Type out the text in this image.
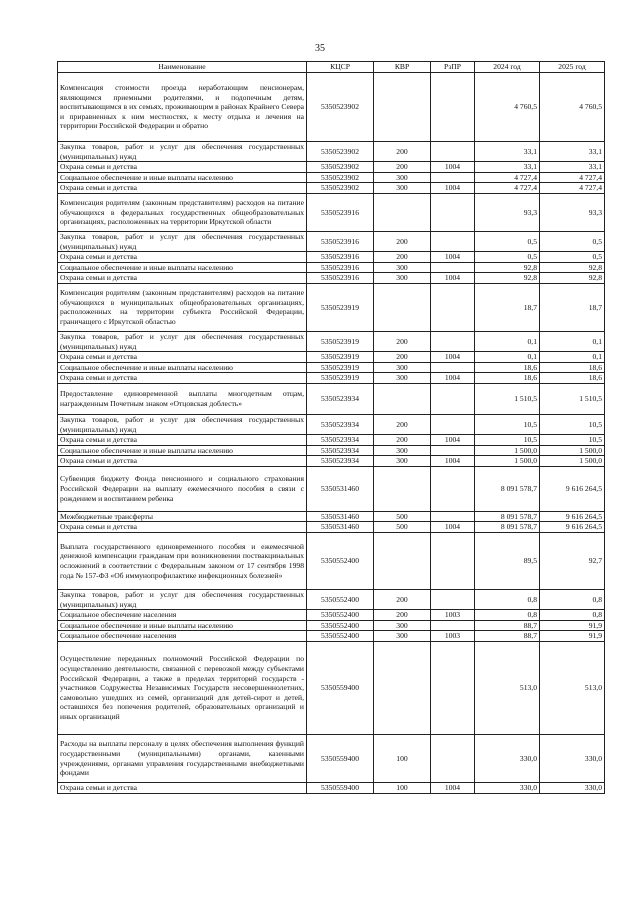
35
Наименование	КЦСР	КВР	РзПР	2024 год	2025 год
Компенсация стоимости проезда неработающим пенсионерам, являющимся приемными родителями, и подопечным детям, воспитывающимся в их семьях, проживающим в районах Крайнего Севера и приравненных к ним местностях, к месту отдыха и лечения на территории Российской Федерации и обратно	5350523902			4 760,5	4 760,5
Закупка товаров, работ и услуг для обеспечения государственных (муниципальных) нужд	5350523902	200		33,1	33,1
Охрана семьи и детства	5350523902	200	1004	33,1	33,1
Социальное обеспечение и иные выплаты населению	5350523902	300		4 727,4	4 727,4
Охрана семьи и детства	5350523902	300	1004	4 727,4	4 727,4
Компенсация родителям (законным представителям) расходов на питание обучающихся в федеральных государственных общеобразовательных организациях, расположенных на территории Иркутской области	5350523916			93,3	93,3
Закупка товаров, работ и услуг для обеспечения государственных (муниципальных) нужд	5350523916	200		0,5	0,5
Охрана семьи и детства	5350523916	200	1004	0,5	0,5
Социальное обеспечение и иные выплаты населению	5350523916	300		92,8	92,8
Охрана семьи и детства	5350523916	300	1004	92,8	92,8
Компенсация родителям (законным представителям) расходов на питание обучающихся в муниципальных общеобразовательных организациях, расположенных на территории субъекта Российской Федерации, граничащего с Иркутской областью	5350523919			18,7	18,7
Закупка товаров, работ и услуг для обеспечения государственных (муниципальных) нужд	5350523919	200		0,1	0,1
Охрана семьи и детства	5350523919	200	1004	0,1	0,1
Социальное обеспечение и иные выплаты населению	5350523919	300		18,6	18,6
Охрана семьи и детства	5350523919	300	1004	18,6	18,6
Предоставление единовременной выплаты многодетным отцам, награжденным Почетным знаком «Отцовская доблесть»	5350523934			1 510,5	1 510,5
Закупка товаров, работ и услуг для обеспечения государственных (муниципальных) нужд	5350523934	200		10,5	10,5
Охрана семьи и детства	5350523934	200	1004	10,5	10,5
Социальное обеспечение и иные выплаты населению	5350523934	300		1 500,0	1 500,0
Охрана семьи и детства	5350523934	300	1004	1 500,0	1 500,0
Субвенция бюджету Фонда пенсионного и социального страхования Российской Федерации на выплату ежемесячного пособия в связи с рождением и воспитанием ребенка	5350531460			8 091 578,7	9 616 264,5
Межбюджетные трансферты	5350531460	500		8 091 578,7	9 616 264,5
Охрана семьи и детства	5350531460	500	1004	8 091 578,7	9 616 264,5
Выплата государственного единовременного пособия и ежемесячной денежной компенсации гражданам при возникновении поствакцинальных осложнений в соответствии с Федеральным законом от 17 сентября 1998 года № 157-ФЗ «Об иммунопрофилактике инфекционных болезней»	5350552400			89,5	92,7
Закупка товаров, работ и услуг для обеспечения государственных (муниципальных) нужд	5350552400	200		0,8	0,8
Социальное обеспечение населения	5350552400	200	1003	0,8	0,8
Социальное обеспечение и иные выплаты населению	5350552400	300		88,7	91,9
Социальное обеспечение населения	5350552400	300	1003	88,7	91,9
Осуществление переданных полномочий Российской Федерации по осуществлению деятельности, связанной с перевозкой между субъектами Российской Федерации, а также в пределах территорий государств - участников Содружества Независимых Государств несовершеннолетних, самовольно ушедших из семей, организаций для детей-сирот и детей, оставшихся без попечения родителей, образовательных организаций и иных организаций	5350559400			513,0	513,0
Расходы на выплаты персоналу в целях обеспечения выполнения функций государственными (муниципальными) органами, казенными учреждениями, органами управления государственными внебюджетными фондами	5350559400	100		330,0	330,0
Охрана семьи и детства	5350559400	100	1004	330,0	330,0
